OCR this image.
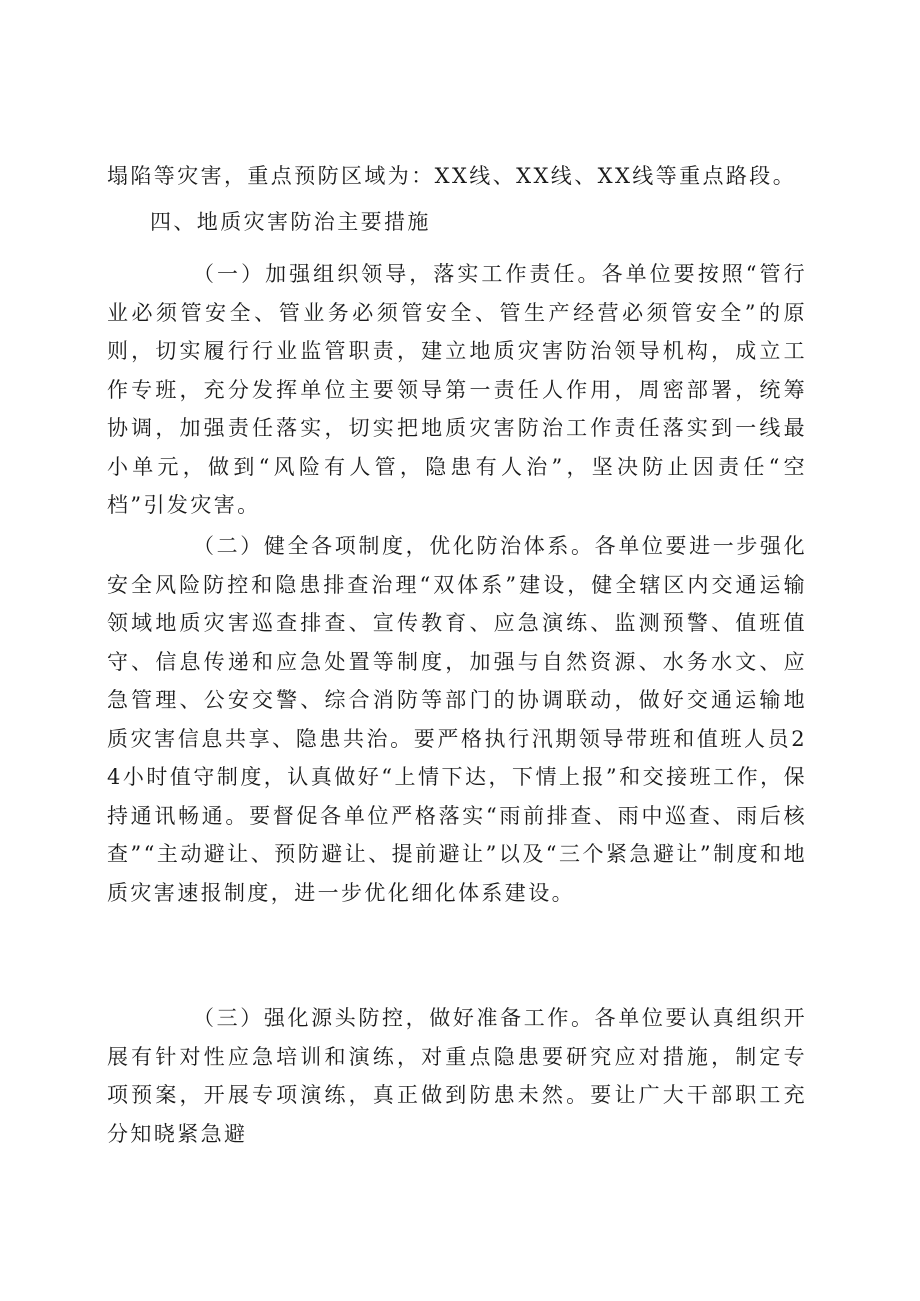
塌陷等灾害，重点预防区域为：XX线、XX线、XX线等重点路段。
四、地质灾害防治主要措施
（一）加强组织领导，落实工作责任。各单位要按照“管行业必须管安全、管业务必须管安全、管生产经营必须管安全”的原则，切实履行行业监管职责，建立地质灾害防治领导机构，成立工作专班，充分发挥单位主要领导第一责任人作用，周密部署，统筹协调，加强责任落实，切实把地质灾害防治工作责任落实到一线最小单元，做到“风险有人管，隐患有人治”，坚决防止因责任“空档”引发灾害。
（二）健全各项制度，优化防治体系。各单位要进一步强化安全风险防控和隐患排查治理“双体系”建设，健全辖区内交通运输领域地质灾害巡查排查、宣传教育、应急演练、监测预警、值班值守、信息传递和应急处置等制度，加强与自然资源、水务水文、应急管理、公安交警、综合消防等部门的协调联动，做好交通运输地质灾害信息共享、隐患共治。要严格执行汛期领导带班和值班人员24小时值守制度，认真做好“上情下达，下情上报”和交接班工作，保持通讯畅通。要督促各单位严格落实“雨前排查、雨中巡查、雨后核查”“主动避让、预防避让、提前避让”以及“三个紧急避让”制度和地质灾害速报制度，进一步优化细化体系建设。
（三）强化源头防控，做好准备工作。各单位要认真组织开展有针对性应急培训和演练，对重点隐患要研究应对措施，制定专项预案，开展专项演练，真正做到防患未然。要让广大干部职工充分知晓紧急避
